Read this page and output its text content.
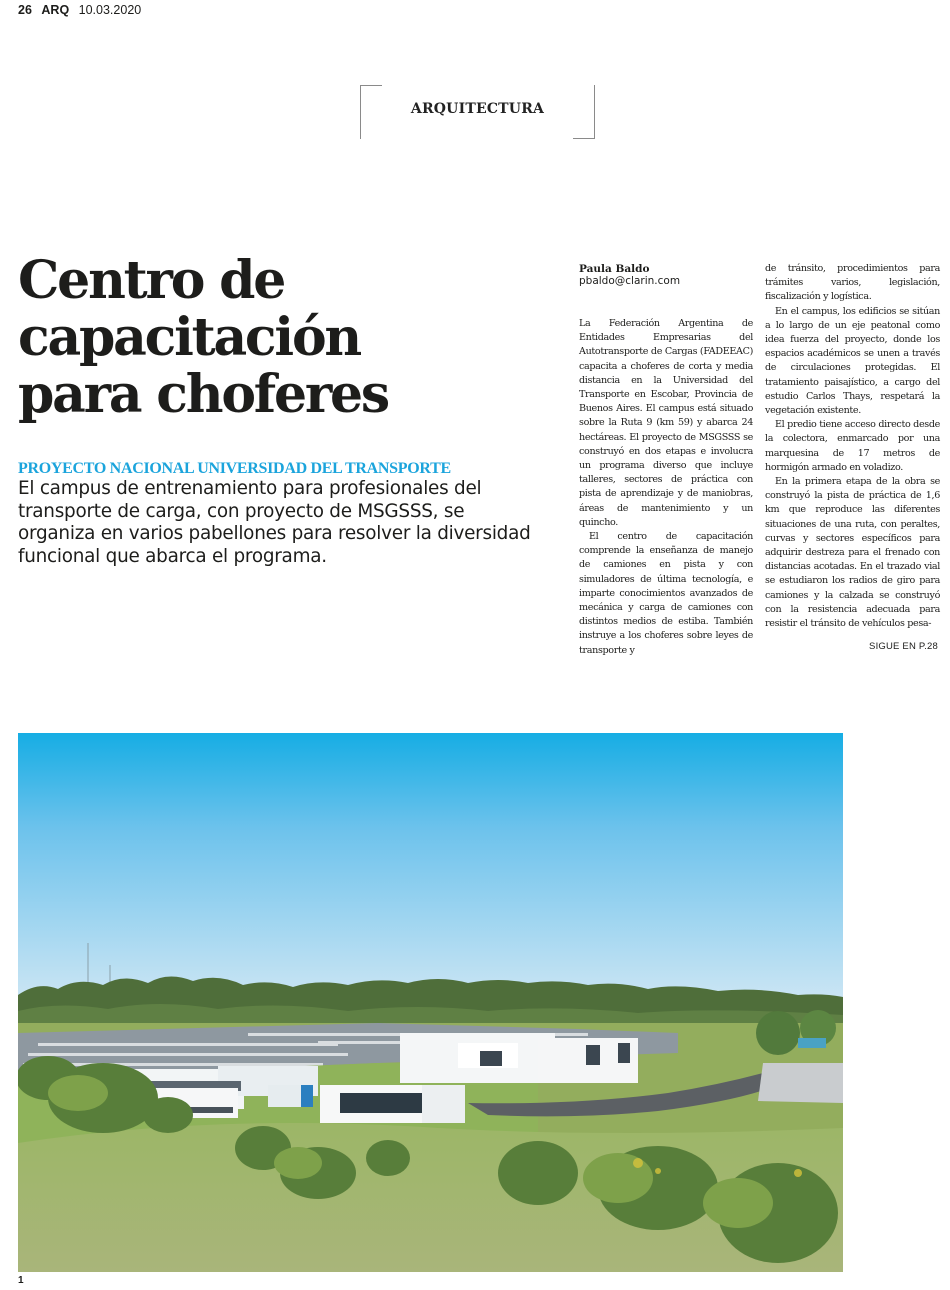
26 ARQ 10.03.2020
ARQUITECTURA
Centro de
capacitación
para choferes
PROYECTO NACIONAL UNIVERSIDAD DEL TRANSPORTE
El campus de entrenamiento para profesionales del transporte de carga, con proyecto de MSGSSS, se organiza en varios pabellones para resolver la diversidad funcional que abarca el programa.
Paula Baldo
pbaldo@clarin.com

La Federación Argentina de Entidades Empresarias del Autotransporte de Cargas (FADEEAC) capacita a choferes de corta y media distancia en la Universidad del Transporte en Escobar, Provincia de Buenos Aires. El campus está situado sobre la Ruta 9 (km 59) y abarca 24 hectáreas. El proyecto de MSGSSS se construyó en dos etapas e involucra un programa diverso que incluye talleres, sectores de práctica con pista de aprendizaje y de maniobras, áreas de mantenimiento y un quincho.

El centro de capacitación comprende la enseñanza de manejo de camiones en pista y con simuladores de última tecnología, e imparte conocimientos avanzados de mecánica y carga de camiones con distintos medios de estiba. También instruye a los choferes sobre leyes de transporte y

de tránsito, procedimientos para trámites varios, legislación, fiscalización y logística.

En el campus, los edificios se sitúan a lo largo de un eje peatonal como idea fuerza del proyecto, donde los espacios académicos se unen a través de circulaciones protegidas. El tratamiento paisajístico, a cargo del estudio Carlos Thays, respetará la vegetación existente.

El predio tiene acceso directo desde la colectora, enmarcado por una marquesina de 17 metros de hormigón armado en voladizo.

En la primera etapa de la obra se construyó la pista de práctica de 1,6 km que reproduce las diferentes situaciones de una ruta, con peraltes, curvas y sectores específicos para adquirir destreza para el frenado con distancias acotadas. En el trazado vial se estudiaron los radios de giro para camiones y la calzada se construyó con la resistencia adecuada para resistir el tránsito de vehículos pesa-

SIGUE EN P.28
1
